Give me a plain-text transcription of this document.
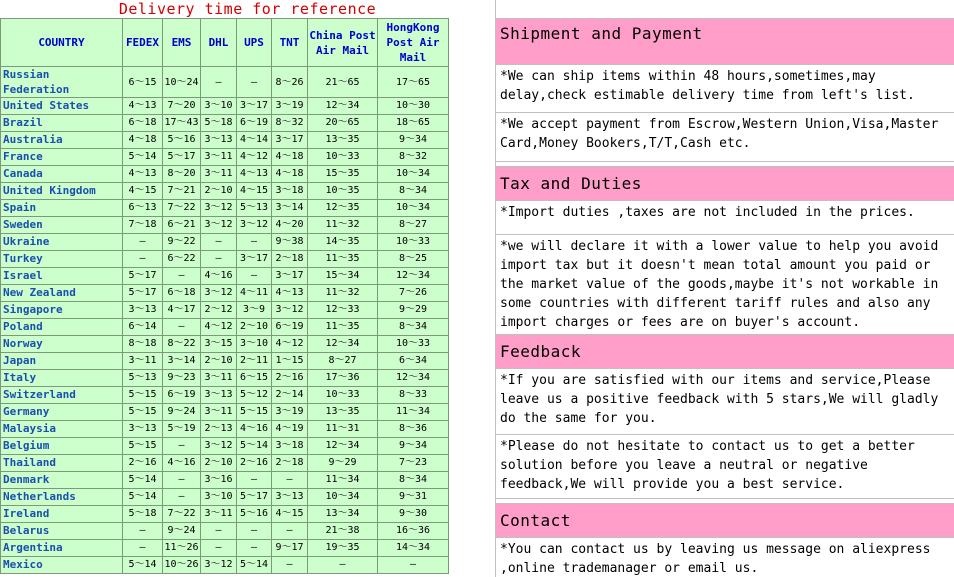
Delivery time for reference
COUNTRY	FEDEX	EMS	DHL	UPS	TNT	China Post Air Mail	HongKong Post Air Mail
Russian Federation	6～15	10～24	—	—	8～26	21～65	17～65
United States	4～13	7～20	3～10	3～17	3～19	12～34	10～30
Brazil	6～18	17～43	5～18	6～19	8～32	20～65	18～65
Australia	4～18	5～16	3～13	4～14	3～17	13～35	9～34
France	5～14	5～17	3～11	4～12	4～18	10～33	8～32
Canada	4～13	8～20	3～11	4～13	4～18	15～35	10～34
United Kingdom	4～15	7～21	2～10	4～15	3～18	10～35	8～34
Spain	6～13	7～22	3～12	5～13	3～14	12～35	10～34
Sweden	7～18	6～21	3～12	3～12	4～20	11～32	8～27
Ukraine	—	9～22	—	—	9～38	14～35	10～33
Turkey	—	6～22	—	3～17	2～18	11～35	8～25
Israel	5～17	—	4～16	—	3～17	15～34	12～34
New Zealand	5～17	6～18	3～12	4～11	4～13	11～32	7～26
Singapore	3～13	4～17	2～12	3～9	3～12	12～33	9～29
Poland	6～14	—	4～12	2～10	6～19	11～35	8～34
Norway	8～18	8～22	3～15	3～10	4～12	12～34	10～33
Japan	3～11	3～14	2～10	2～11	1～15	8～27	6～34
Italy	5～13	9～23	3～11	6～15	2～16	17～36	12～34
Switzerland	5～15	6～19	3～13	5～12	2～14	10～33	8～33
Germany	5～15	9～24	3～11	5～15	3～19	13～35	11～34
Malaysia	3～13	5～19	2～13	4～16	4～19	11～31	8～36
Belgium	5～15	—	3～12	5～14	3～18	12～34	9～34
Thailand	2～16	4～16	2～10	2～16	2～18	9～29	7～23
Denmark	5～14	—	3～16	—	—	11～34	8～34
Netherlands	5～14	—	3～10	5～17	3～13	10～34	9～31
Ireland	5～18	7～22	3～11	5～16	4～15	13～34	9～30
Belarus	—	9～24	—	—	—	21～38	16～36
Argentina	—	11～26	—	—	9～17	19～35	14～34
Mexico	5～14	10～26	3～12	5～14	—	—	—
Shipment and Payment
*We can ship items within 48 hours,sometimes,may delay,check estimable delivery time from left's list.
*We accept payment from Escrow,Western Union,Visa,Master Card,Money Bookers,T/T,Cash etc.
Tax and Duties
*Import duties ,taxes are not included in the prices.
*we will declare it with a lower value to help you avoid import tax but it doesn't mean total amount you paid or the market value of the goods,maybe it's not workable in some countries with different tariff rules and also any import charges or fees are on buyer's account.
Feedback
*If you are satisfied with our items and service,Please leave us a positive feedback with 5 stars,We will gladly do the same for you.
*Please do not hesitate to contact us to get a better solution before you leave a neutral or negative feedback,We will provide you a best service.
Contact
*You can contact us by leaving us message on aliexpress ,online trademanager or email us.
